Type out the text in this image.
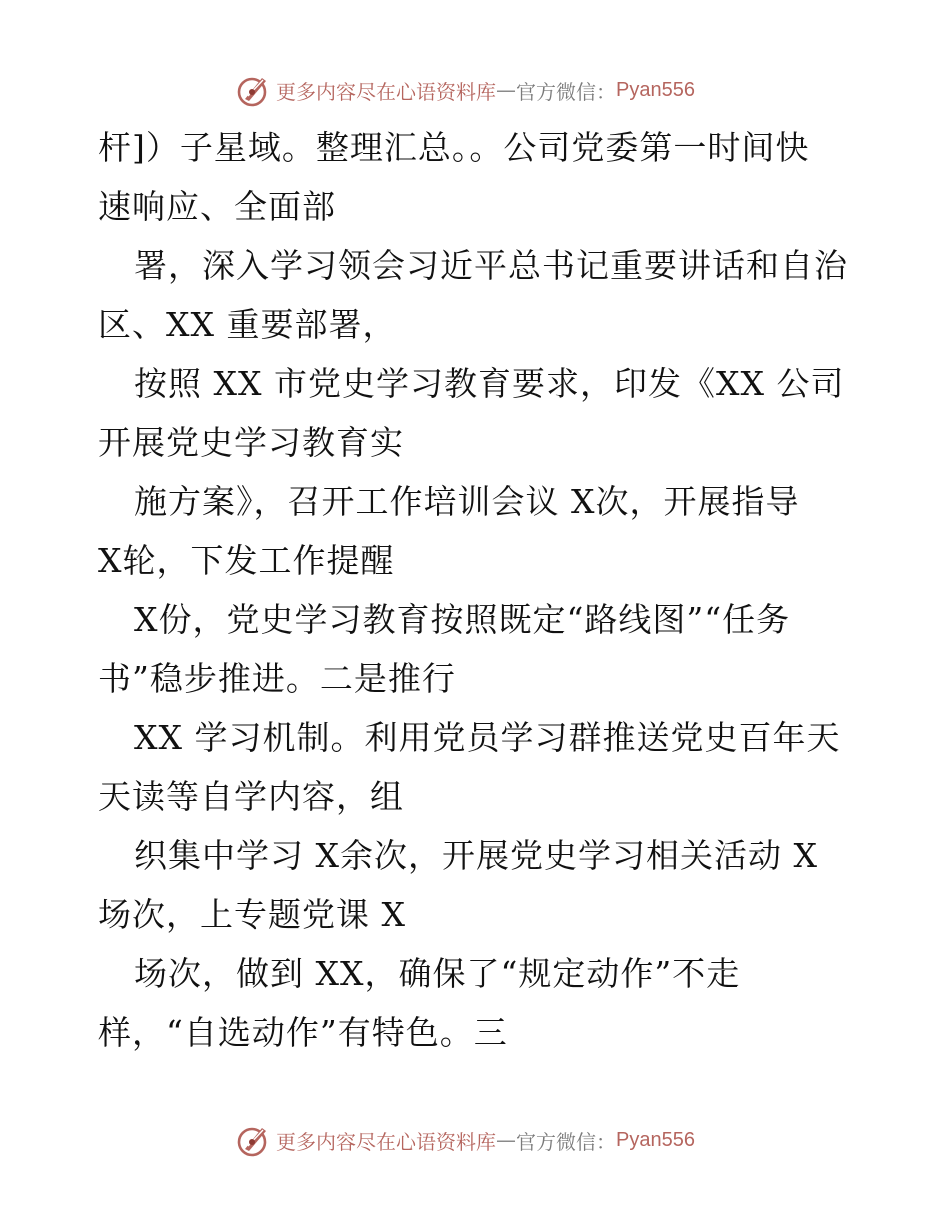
更多内容尽在心语资料库 — 官方微信： Pyan556
杆]）子星域。整理汇总。。公司党委第一时间快
速响应、全面部
署，深入学习领会习近平总书记重要讲话和自治
区、XX 重要部署，
按照 XX 市党史学习教育要求，印发《XX 公司
开展党史学习教育实
施方案》，召开工作培训会议 X次，开展指导
X轮，下发工作提醒
X份，党史学习教育按照既定“路线图”“任务
书”稳步推进。二是推行
XX 学习机制。利用党员学习群推送党史百年天
天读等自学内容，组
织集中学习 X余次，开展党史学习相关活动 X
场次，上专题党课 X
场次，做到 XX，确保了“规定动作”不走
样，“自选动作”有特色。三
更多内容尽在心语资料库 — 官方微信： Pyan556
